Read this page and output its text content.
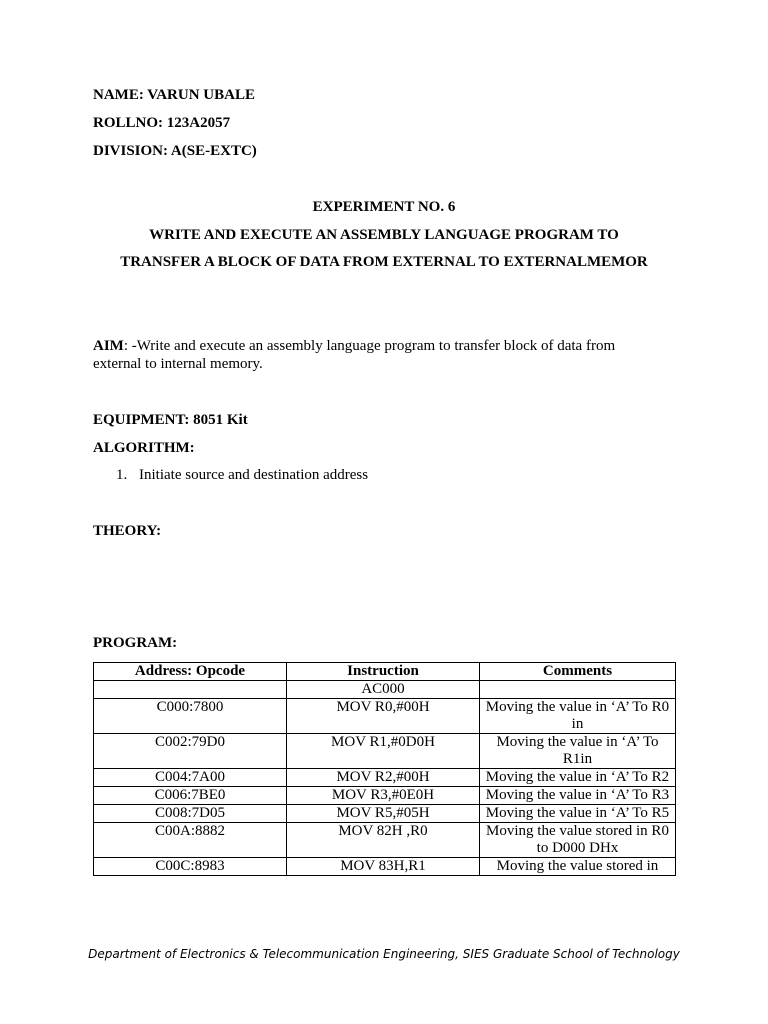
NAME: VARUN UBALE
ROLLNO: 123A2057
DIVISION: A(SE-EXTC)
EXPERIMENT NO. 6
WRITE AND EXECUTE AN ASSEMBLY LANGUAGE PROGRAM TO
TRANSFER A BLOCK OF DATA FROM EXTERNAL TO EXTERNALMEMOR
AIM: -Write and execute an assembly language program to transfer block of data from external to internal memory.
EQUIPMENT: 8051 Kit
ALGORITHM:
1. Initiate source and destination address
THEORY:
PROGRAM:
Address: Opcode	Instruction	Comments
	AC000	
C000:7800	MOV R0,#00H	Moving the value in ‘A’ To R0 in
C002:79D0	MOV R1,#0D0H	Moving the value in ‘A’ To R1in
C004:7A00	MOV R2,#00H	Moving the value in ‘A’ To R2
C006:7BE0	MOV R3,#0E0H	Moving the value in ‘A’ To R3
C008:7D05	MOV R5,#05H	Moving the value in ‘A’ To R5
C00A:8882	MOV 82H ,R0	Moving the value stored in R0 to D000 DHx
C00C:8983	MOV 83H,R1	Moving the value stored in
Department of Electronics & Telecommunication Engineering, SIES Graduate School of Technology
